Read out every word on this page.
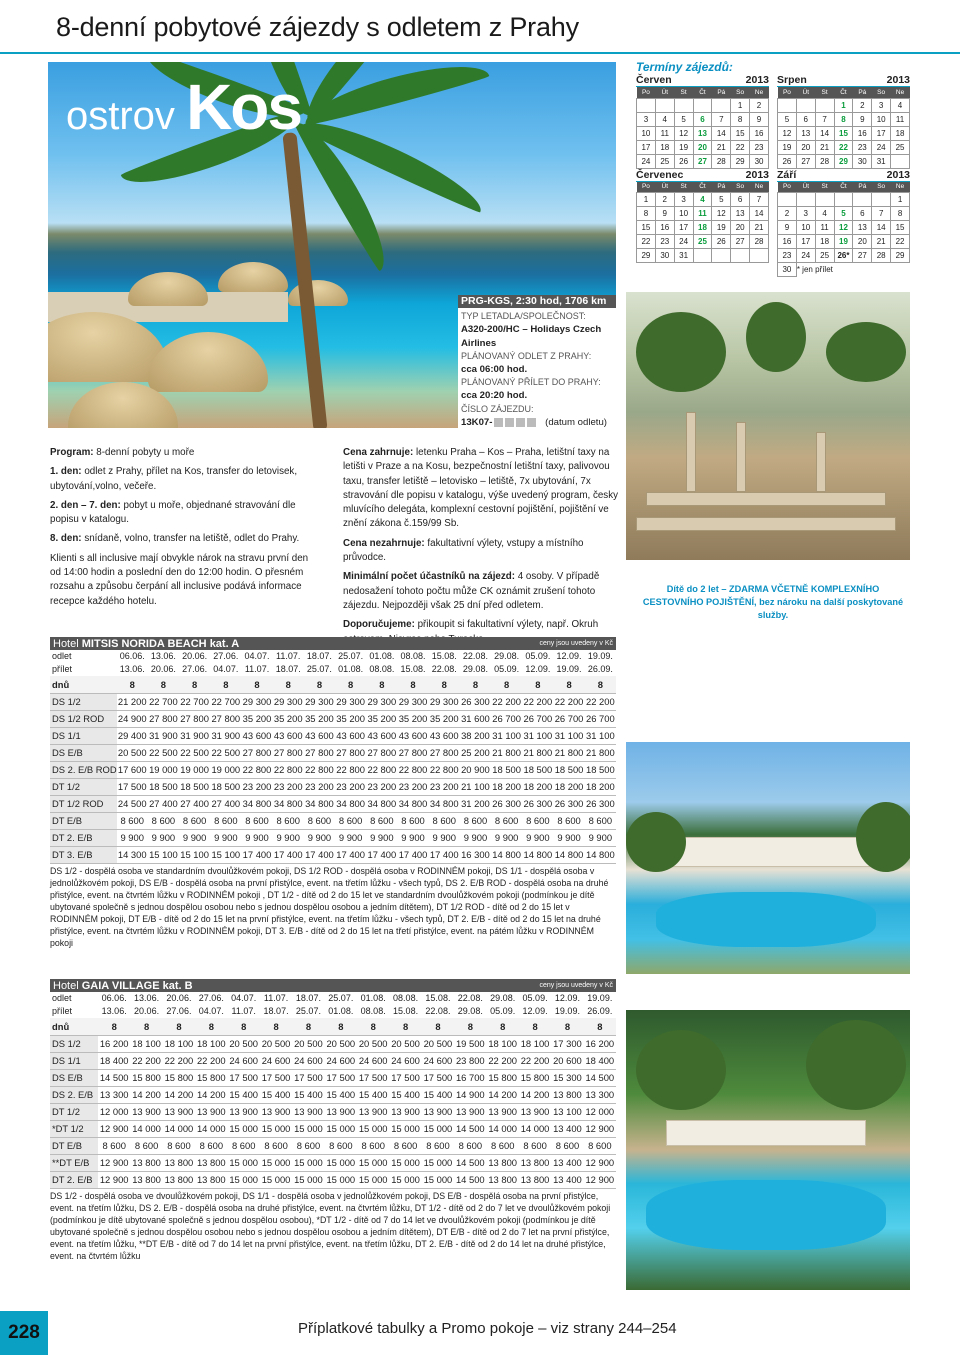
8-denní pobytové zájezdy s odletem z Prahy
ostrov Kos
PRG-KGS, 2:30 hod, 1706 km
TYP LETADLA/SPOLEČNOST:
A320-200/HC – Holidays Czech Airlines
PLÁNOVANÝ ODLET Z PRAHY:
cca 06:00 hod.
PLÁNOVANÝ PŘÍLET DO PRAHY:
cca 20:20 hod.
ČÍSLO ZÁJEZDU:
13K07-	(datum odletu)
Termíny zájezdů:
Červen	2013
Po	Út	St	Čt	Pá	So	Ne
					1	2
3	4	5	6	7	8	9
10	11	12	13	14	15	16
17	18	19	20	21	22	23
24	25	26	27	28	29	30
Srpen	2013
Po	Út	St	Čt	Pá	So	Ne
			1	2	3	4
5	6	7	8	9	10	11
12	13	14	15	16	17	18
19	20	21	22	23	24	25
26	27	28	29	30	31	
Červenec	2013
Po	Út	St	Čt	Pá	So	Ne
1	2	3	4	5	6	7
8	9	10	11	12	13	14
15	16	17	18	19	20	21
22	23	24	25	26	27	28
29	30	31				
Září	2013
Po	Út	St	Čt	Pá	So	Ne
						1
2	3	4	5	6	7	8
9	10	11	12	13	14	15
16	17	18	19	20	21	22
23	24	25	26*	27	28	29
30	* jen přílet					
Dítě do 2 let – ZDARMA VČETNĚ KOMPLEXNÍHO CESTOVNÍHO POJIŠTĚNÍ, bez nároku na další poskytované služby.

Program: 8-denní pobyty u moře

1. den: odlet z Prahy, přílet na Kos, transfer do letovisek, ubytování,volno, večeře.

2. den – 7. den: pobyt u moře, objednané stravování dle popisu v katalogu.

8. den: snídaně, volno, transfer na letiště, odlet do Prahy.

Klienti s all inclusive mají obvykle nárok na stravu první den od 14:00 hodin a poslední den do 12:00 hodin. O přesném rozsahu a způsobu čerpání all inclusive podává informace recepce každého hotelu.

Cena zahrnuje: letenku Praha – Kos – Praha, letištní taxy na letišti v Praze a na Kosu, bezpečnostní letištní taxy, palivovou taxu, transfer letiště – letovisko – letiště, 7x ubytování, 7x stravování dle popisu v katalogu, výše uvedený program, česky mluvícího delegáta, komplexní cestovní pojištění, pojištění ve znění zákona č.159/99 Sb.

Cena nezahrnuje: fakultativní výlety, vstupy a místního průvodce.

Minimální počet účastníků na zájezd: 4 osoby. V případě nedosažení tohoto počtu může CK oznámit zrušení tohoto zájezdu. Nejpozději však 25 dní před odletem.

Doporučujeme: přikoupit si fakultativní výlety, např. Okruh

Hotel MITSIS NORIDA BEACH kat. A	ceny jsou uvedeny v Kč
odlet	06.06.	13.06.	20.06.	27.06.	04.07.	11.07.	18.07.	25.07.	01.08.	08.08.	15.08.	22.08.	29.08.	05.09.	12.09.	19.09.
přílet	13.06.	20.06.	27.06.	04.07.	11.07.	18.07.	25.07.	01.08.	08.08.	15.08.	22.08.	29.08.	05.09.	12.09.	19.09.	26.09.
dnů	8	8	8	8	8	8	8	8	8	8	8	8	8	8	8	8
DS 1/2	21 200	22 700	22 700	22 700	29 300	29 300	29 300	29 300	29 300	29 300	29 300	26 300	22 200	22 200	22 200	22 200
DS 1/2 ROD	24 900	27 800	27 800	27 800	35 200	35 200	35 200	35 200	35 200	35 200	35 200	31 600	26 700	26 700	26 700	26 700
DS 1/1	29 400	31 900	31 900	31 900	43 600	43 600	43 600	43 600	43 600	43 600	43 600	38 200	31 100	31 100	31 100	31 100
DS E/B	20 500	22 500	22 500	22 500	27 800	27 800	27 800	27 800	27 800	27 800	27 800	25 200	21 800	21 800	21 800	21 800
DS 2. E/B ROD	17 600	19 000	19 000	19 000	22 800	22 800	22 800	22 800	22 800	22 800	22 800	20 900	18 500	18 500	18 500	18 500
DT 1/2	17 500	18 500	18 500	18 500	23 200	23 200	23 200	23 200	23 200	23 200	23 200	21 100	18 200	18 200	18 200	18 200
DT 1/2 ROD	24 500	27 400	27 400	27 400	34 800	34 800	34 800	34 800	34 800	34 800	34 800	31 200	26 300	26 300	26 300	26 300
DT E/B	8 600	8 600	8 600	8 600	8 600	8 600	8 600	8 600	8 600	8 600	8 600	8 600	8 600	8 600	8 600	8 600
DT 2. E/B	9 900	9 900	9 900	9 900	9 900	9 900	9 900	9 900	9 900	9 900	9 900	9 900	9 900	9 900	9 900	9 900
DT 3. E/B	14 300	15 100	15 100	15 100	17 400	17 400	17 400	17 400	17 400	17 400	17 400	16 300	14 800	14 800	14 800	14 800
DS 1/2 - dospělá osoba ve standardním dvoulůžkovém pokoji, DS 1/2 ROD - dospělá osoba v RODINNÉM pokoji, DS 1/1 - dospělá osoba v jednolůžkovém pokoji, DS E/B - dospělá osoba na první přistýlce, event. na třetím lůžku - všech typů, DS 2. E/B ROD - dospělá osoba na druhé přistýlce, event. na čtvrtém lůžku v RODINNÉM pokoji , DT 1/2 - dítě od 2 do 15 let ve standardním dvoulůžkovém pokoji (podmínkou je dítě ubytované společně s jednou dospělou osobou nebo s jednou dospělou osobou a jedním dítětem), DT 1/2 ROD - dítě od 2 do 15 let v RODINNÉM pokoji, DT E/B - dítě od 2 do 15 let na první přistýlce, event. na třetím lůžku - všech typů, DT 2. E/B - dítě od 2 do 15 let na druhé přistýlce, event. na čtvrtém lůžku v RODINNÉM pokoji, DT 3. E/B - dítě od 2 do 15 let na třetí přistýlce, event. na pátém lůžku v RODINNÉM pokoji
Hotel GAIA VILLAGE kat. B	ceny jsou uvedeny v Kč
odlet	06.06.	13.06.	20.06.	27.06.	04.07.	11.07.	18.07.	25.07.	01.08.	08.08.	15.08.	22.08.	29.08.	05.09.	12.09.	19.09.
přílet	13.06.	20.06.	27.06.	04.07.	11.07.	18.07.	25.07.	01.08.	08.08.	15.08.	22.08.	29.08.	05.09.	12.09.	19.09.	26.09.
dnů	8	8	8	8	8	8	8	8	8	8	8	8	8	8	8	8
DS 1/2	16 200	18 100	18 100	18 100	20 500	20 500	20 500	20 500	20 500	20 500	20 500	19 500	18 100	18 100	17 300	16 200
DS 1/1	18 400	22 200	22 200	22 200	24 600	24 600	24 600	24 600	24 600	24 600	24 600	23 800	22 200	22 200	20 600	18 400
DS E/B	14 500	15 800	15 800	15 800	17 500	17 500	17 500	17 500	17 500	17 500	17 500	16 700	15 800	15 800	15 300	14 500
DS 2. E/B	13 300	14 200	14 200	14 200	15 400	15 400	15 400	15 400	15 400	15 400	15 400	14 900	14 200	14 200	13 800	13 300
DT 1/2	12 000	13 900	13 900	13 900	13 900	13 900	13 900	13 900	13 900	13 900	13 900	13 900	13 900	13 900	13 100	12 000
*DT 1/2	12 900	14 000	14 000	14 000	15 000	15 000	15 000	15 000	15 000	15 000	15 000	14 500	14 000	14 000	13 400	12 900
DT E/B	8 600	8 600	8 600	8 600	8 600	8 600	8 600	8 600	8 600	8 600	8 600	8 600	8 600	8 600	8 600	8 600
**DT E/B	12 900	13 800	13 800	13 800	15 000	15 000	15 000	15 000	15 000	15 000	15 000	14 500	13 800	13 800	13 400	12 900
DT 2. E/B	12 900	13 800	13 800	13 800	15 000	15 000	15 000	15 000	15 000	15 000	15 000	14 500	13 800	13 800	13 400	12 900
DS 1/2 - dospělá osoba ve dvoulůžkovém pokoji, DS 1/1 - dospělá osoba v jednolůžkovém pokoji, DS E/B - dospělá osoba na první přistýlce, event. na třetím lůžku, DS 2. E/B - dospělá osoba na druhé přistýlce, event. na čtvrtém lůžku, DT 1/2 - dítě od 2 do 7 let ve dvoulůžkovém pokoji (podmínkou je dítě ubytované společně s jednou dospělou osobou), *DT 1/2 - dítě od 7 do 14 let ve dvoulůžkovém pokoji (podmínkou je dítě ubytované společně s jednou dospělou osobou nebo s jednou dospělou osobou a jedním dítětem), DT E/B - dítě od 2 do 7 let na první přistýlce, event. na třetím lůžku, **DT E/B - dítě od 7 do 14 let na první přistýlce, event. na třetím lůžku, DT 2. E/B - dítě od 2 do 14 let na druhé přistýlce, event. na čtvrtém lůžku
228	Příplatkové tabulky a Promo pokoje – viz strany 244–254
